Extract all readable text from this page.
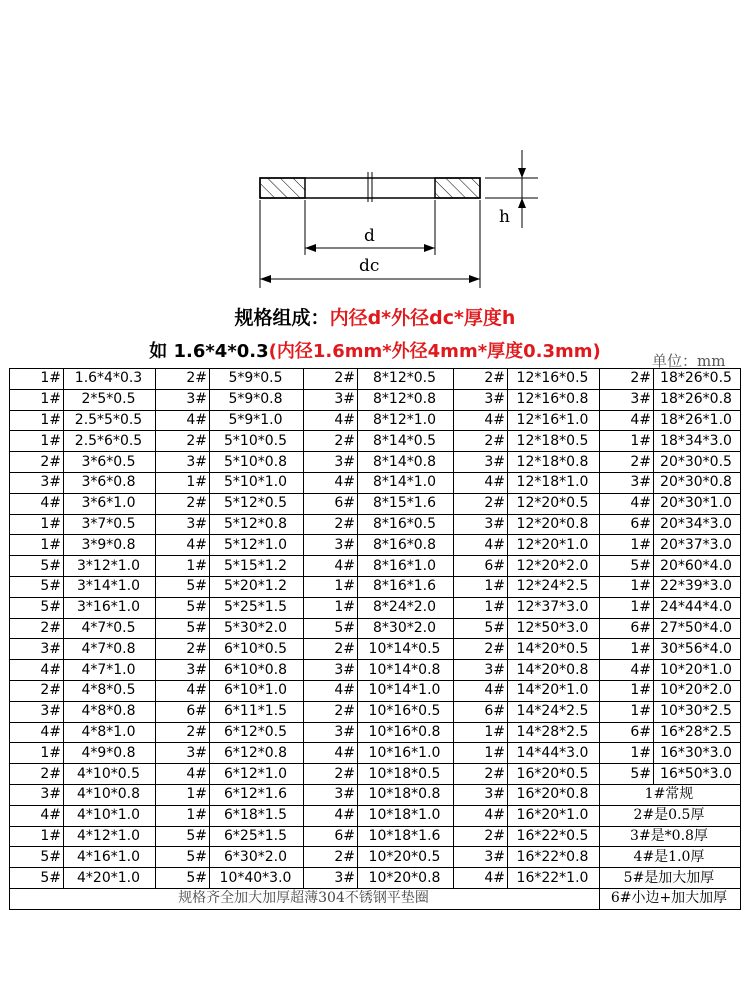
h
d
dc
规格组成：内径d*外径dc*厚度h
如 1.6*4*0.3(内径1.6mm*外径4mm*厚度0.3mm)	单位：mm
1#	1.6*4*0.3	2#	5*9*0.5	2#	8*12*0.5	2#	12*16*0.5	2#	18*26*0.5
1#	2*5*0.5	3#	5*9*0.8	3#	8*12*0.8	3#	12*16*0.8	3#	18*26*0.8
1#	2.5*5*0.5	4#	5*9*1.0	4#	8*12*1.0	4#	12*16*1.0	4#	18*26*1.0
1#	2.5*6*0.5	2#	5*10*0.5	2#	8*14*0.5	2#	12*18*0.5	1#	18*34*3.0
2#	3*6*0.5	3#	5*10*0.8	3#	8*14*0.8	3#	12*18*0.8	2#	20*30*0.5
3#	3*6*0.8	1#	5*10*1.0	4#	8*14*1.0	4#	12*18*1.0	3#	20*30*0.8
4#	3*6*1.0	2#	5*12*0.5	6#	8*15*1.6	2#	12*20*0.5	4#	20*30*1.0
1#	3*7*0.5	3#	5*12*0.8	2#	8*16*0.5	3#	12*20*0.8	6#	20*34*3.0
1#	3*9*0.8	4#	5*12*1.0	3#	8*16*0.8	4#	12*20*1.0	1#	20*37*3.0
5#	3*12*1.0	1#	5*15*1.2	4#	8*16*1.0	6#	12*20*2.0	5#	20*60*4.0
5#	3*14*1.0	5#	5*20*1.2	1#	8*16*1.6	1#	12*24*2.5	1#	22*39*3.0
5#	3*16*1.0	5#	5*25*1.5	1#	8*24*2.0	1#	12*37*3.0	1#	24*44*4.0
2#	4*7*0.5	5#	5*30*2.0	5#	8*30*2.0	5#	12*50*3.0	6#	27*50*4.0
3#	4*7*0.8	2#	6*10*0.5	2#	10*14*0.5	2#	14*20*0.5	1#	30*56*4.0
4#	4*7*1.0	3#	6*10*0.8	3#	10*14*0.8	3#	14*20*0.8	4#	10*20*1.0
2#	4*8*0.5	4#	6*10*1.0	4#	10*14*1.0	4#	14*20*1.0	1#	10*20*2.0
3#	4*8*0.8	6#	6*11*1.5	2#	10*16*0.5	6#	14*24*2.5	1#	10*30*2.5
4#	4*8*1.0	2#	6*12*0.5	3#	10*16*0.8	1#	14*28*2.5	6#	16*28*2.5
1#	4*9*0.8	3#	6*12*0.8	4#	10*16*1.0	1#	14*44*3.0	1#	16*30*3.0
2#	4*10*0.5	4#	6*12*1.0	2#	10*18*0.5	2#	16*20*0.5	5#	16*50*3.0
3#	4*10*0.8	1#	6*12*1.6	3#	10*18*0.8	3#	16*20*0.8	1#常规	
4#	4*10*1.0	1#	6*18*1.5	4#	10*18*1.0	4#	16*20*1.0	2#是0.5厚	
1#	4*12*1.0	5#	6*25*1.5	6#	10*18*1.6	2#	16*22*0.5	3#是*0.8厚	
5#	4*16*1.0	5#	6*30*2.0	2#	10*20*0.5	3#	16*22*0.8	4#是1.0厚	
5#	4*20*1.0	5#	10*40*3.0	3#	10*20*0.8	4#	16*22*1.0	5#是加大加厚	
规格齐全加大加厚超薄304不锈钢平垫圈								6#小边+加大加厚	
